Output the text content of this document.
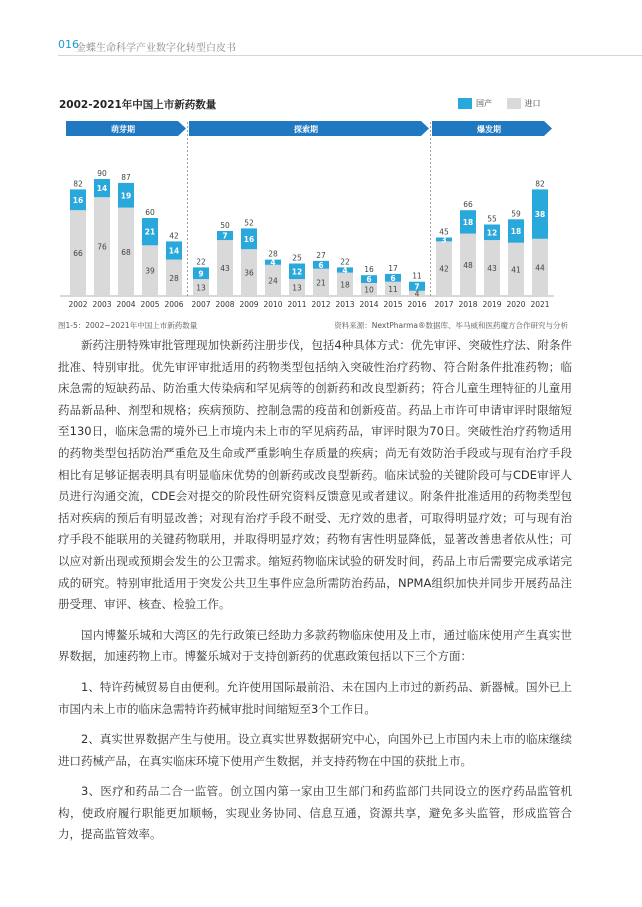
016
金蝶生命科学产业数字化转型白皮书
2002-2021年中国上市新药数量	国产
	进口
66
16
82
2002
76
14
90
2003
68
19
87
2004
39
21
60
2005
28
14
42
2006
13
9
22
2007
43
7
50
2008
36
16
52
2009
24
4
28
2010
13
12
25
2011
21
6
27
2012
18
4
22
2013
10
6
16
2014
11
6
17
2015
4
7
11
2016
42
3
45
2017
48
18
66
2018
43
12
55
2019
41
18
59
2020
44
38
82
2021
萌芽期	探索期	爆发期
图1-5：2002~2021年中国上市新药数量	资料来源：NextPharma®数据库、毕马威和医药魔方合作研究与分析

新药注册特殊审批管理现加快新药注册步伐，包括4种具体方式：优先审评、突破性疗法、附条件批准、特别审批。优先审评审批适用的药物类型包括纳入突破性治疗药物、符合附条件批准药物；临床急需的短缺药品、防治重大传染病和罕见病等的创新药和改良型新药；符合儿童生理特征的儿童用药品新品种、剂型和规格；疾病预防、控制急需的疫苗和创新疫苗。药品上市许可申请审评时限缩短至130日，临床急需的境外已上市境内未上市的罕见病药品，审评时限为70日。突破性治疗药物适用的药物类型包括防治严重危及生命或严重影响生存质量的疾病；尚无有效防治手段或与现有治疗手段相比有足够证据表明具有明显临床优势的创新药或改良型新药。临床试验的关键阶段可与CDE审评人员进行沟通交流，CDE会对提交的阶段性研究资料反馈意见或者建议。附条件批准适用的药物类型包括对疾病的预后有明显改善；对现有治疗手段不耐受、无疗效的患者，可取得明显疗效；可与现有治疗手段不能联用的关键药物联用，并取得明显疗效；药物有害性明显降低，显著改善患者依从性；可以应对新出现或预期会发生的公卫需求。缩短药物临床试验的研发时间，药品上市后需要完成承诺完成的研究。特别审批适用于突发公共卫生事件应急所需防治药品，NPMA组织加快并同步开展药品注册受理、审评、核查、检验工作。

国内博鳌乐城和大湾区的先行政策已经助力多款药物临床使用及上市，通过临床使用产生真实世界数据，加速药物上市。博鳌乐城对于支持创新药的优惠政策包括以下三个方面：

1、特许药械贸易自由便利。允许使用国际最前沿、未在国内上市过的新药品、新器械。国外已上市国内未上市的临床急需特许药械审批时间缩短至3个工作日。

2、真实世界数据产生与使用。设立真实世界数据研究中心，向国外已上市国内未上市的临床继续进口药械产品，在真实临床环境下使用产生数据，并支持药物在中国的获批上市。

3、医疗和药品二合一监管。创立国内第一家由卫生部门和药监部门共同设立的医疗药品监管机构，使政府履行职能更加顺畅，实现业务协同、信息互通，资源共享，避免多头监管，形成监管合力，提高监管效率。
